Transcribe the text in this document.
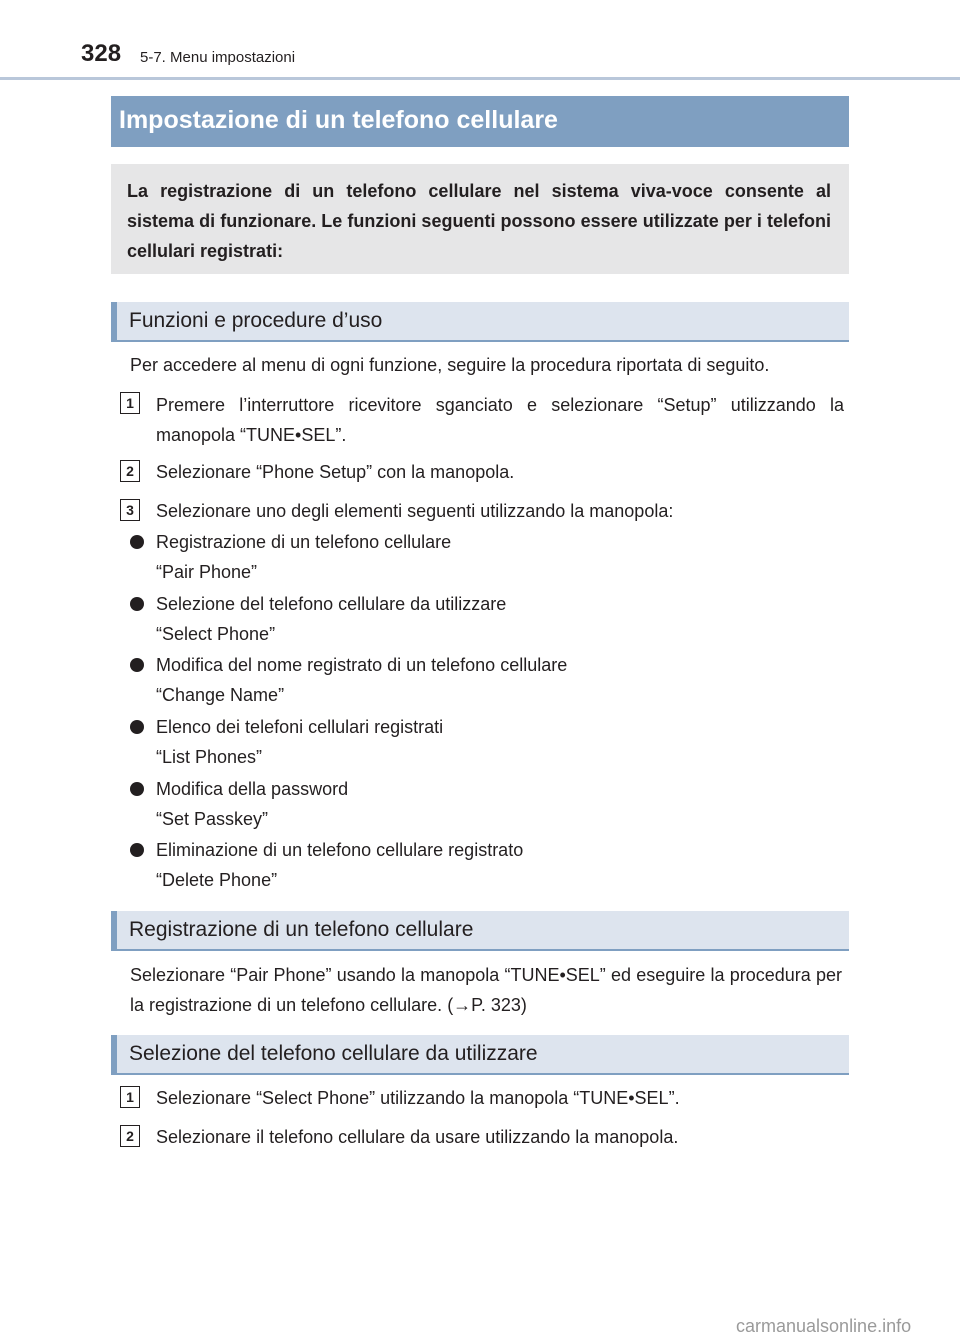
328 5-7. Menu impostazioni
Impostazione di un telefono cellulare
La registrazione di un telefono cellulare nel sistema viva-voce consente al sistema di funzionare. Le funzioni seguenti possono essere utilizzate per i telefoni cellulari registrati:
Funzioni e procedure d’uso
Per accedere al menu di ogni funzione, seguire la procedura riportata di seguito.
1	Premere l’interruttore ricevitore sganciato e selezionare “Setup” utilizzando la manopola “TUNE•SEL”.
2	Selezionare “Phone Setup” con la manopola.
3	Selezionare uno degli elementi seguenti utilizzando la manopola:
Registrazione di un telefono cellulare
“Pair Phone”
Selezione del telefono cellulare da utilizzare
“Select Phone”
Modifica del nome registrato di un telefono cellulare
“Change Name”
Elenco dei telefoni cellulari registrati
“List Phones”
Modifica della password
“Set Passkey”
Eliminazione di un telefono cellulare registrato
“Delete Phone”
Registrazione di un telefono cellulare
Selezionare “Pair Phone” usando la manopola “TUNE•SEL” ed eseguire la procedura per la registrazione di un telefono cellulare. (→P. 323)
Selezione del telefono cellulare da utilizzare
1	Selezionare “Select Phone” utilizzando la manopola “TUNE•SEL”.
2	Selezionare il telefono cellulare da usare utilizzando la manopola.
carmanualsonline.info
